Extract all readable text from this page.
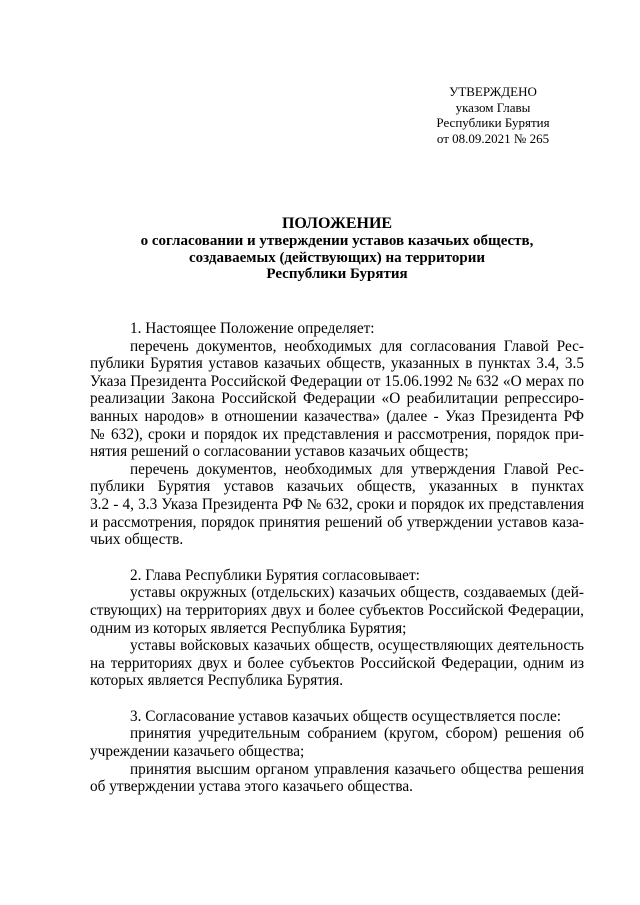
УТВЕРЖДЕНО
указом Главы
Республики Бурятия
от 08.09.2021 № 265
ПОЛОЖЕНИЕ
о согласовании и утверждении уставов казачьих обществ,
создаваемых (действующих) на территории
Республики Бурятия
1. Настоящее Положение определяет:
перечень документов, необходимых для согласования Главой Рес-
публики Бурятия уставов казачьих обществ, указанных в пунктах 3.4, 3.5
Указа Президента Российской Федерации от 15.06.1992 № 632 «О мерах по
реализации Закона Российской Федерации «О реабилитации репрессиро-
ванных народов» в отношении казачества» (далее - Указ Президента РФ
№ 632), сроки и порядок их представления и рассмотрения, порядок при-
нятия решений о согласовании уставов казачьих обществ;
перечень документов, необходимых для утверждения Главой Рес-
публики Бурятия уставов казачьих обществ, указанных в пунктах
3.2 - 4, 3.3 Указа Президента РФ № 632, сроки и порядок их представления
и рассмотрения, порядок принятия решений об утверждении уставов каза-
чьих обществ.
2. Глава Республики Бурятия согласовывает:
уставы окружных (отдельских) казачьих обществ, создаваемых (дей-
ствующих) на территориях двух и более субъектов Российской Федерации,
одним из которых является Республика Бурятия;
уставы войсковых казачьих обществ, осуществляющих деятельность
на территориях двух и более субъектов Российской Федерации, одним из
которых является Республика Бурятия.
3. Согласование уставов казачьих обществ осуществляется после:
принятия учредительным собранием (кругом, сбором) решения об
учреждении казачьего общества;
принятия высшим органом управления казачьего общества решения
об утверждении устава этого казачьего общества.
